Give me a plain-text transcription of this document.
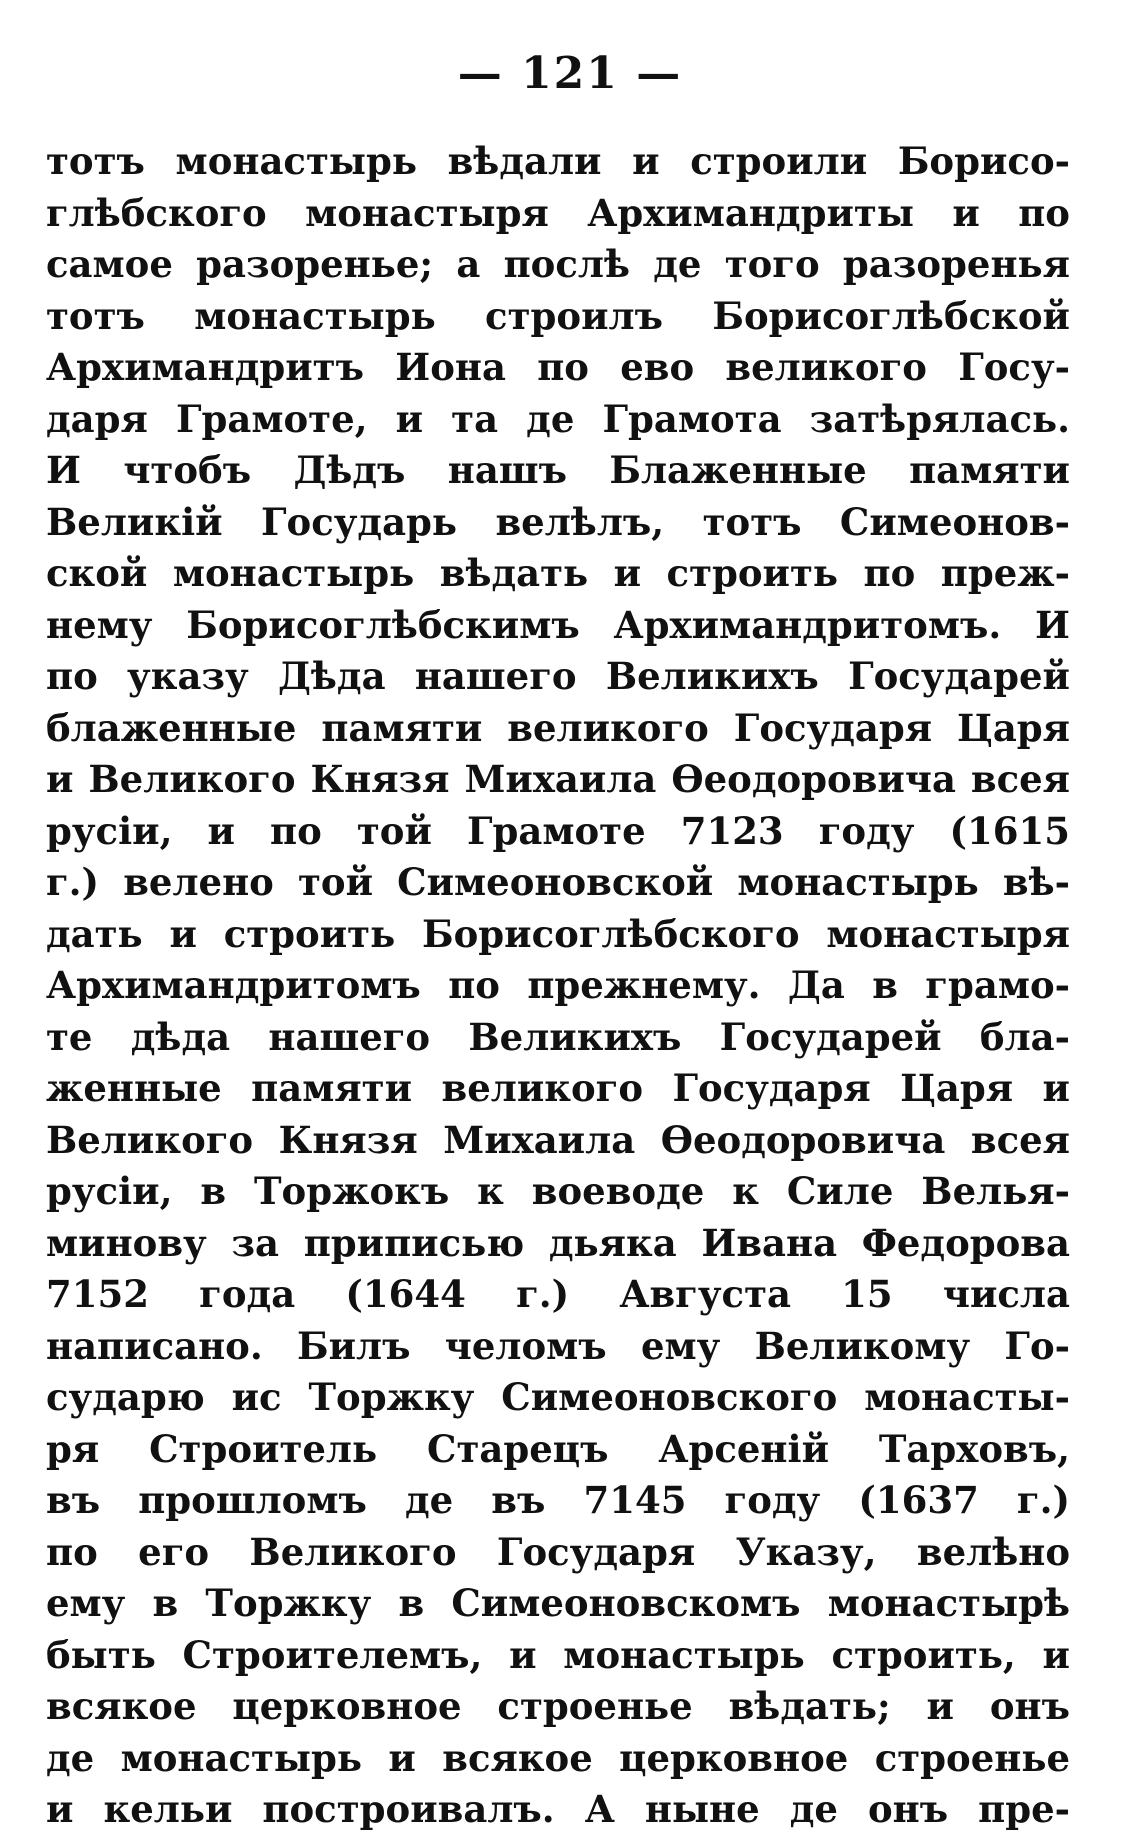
— 121 —
тотъ монастырь вѣдали и строили Борисо-
глѣбского монастыря Архимандриты и по
самое разоренье; а послѣ де того разоренья
тотъ монастырь строилъ Борисоглѣбской
Архимандритъ Иона по ево великого Госу-
даря Грамоте, и та де Грамота затѣрялась.
И чтобъ Дѣдъ нашъ Блаженные памяти
Великій Государь велѣлъ, тотъ Симеонов-
ской монастырь вѣдать и строить по преж-
нему Борисоглѣбскимъ Архимандритомъ. И
по указу Дѣда нашего Великихъ Государей
блаженные памяти великого Государя Царя
и Великого Князя Михаила Ѳеодоровича всея
русіи, и по той Грамоте 7123 году (1615
г.) велено той Симеоновской монастырь вѣ-
дать и строить Борисоглѣбского монастыря
Архимандритомъ по прежнему. Да в грамо-
те дѣда нашего Великихъ Государей бла-
женные памяти великого Государя Царя и
Великого Князя Михаила Ѳеодоровича всея
русіи, в Торжокъ к воеводе к Силе Велья-
минову за приписью дьяка Ивана Федорова
7152 года (1644 г.) Августа 15 числа
написано. Билъ челомъ ему Великому Го-
сударю ис Торжку Симеоновского монасты-
ря Строитель Старецъ Арсеній Тарховъ,
въ прошломъ де въ 7145 году (1637 г.)
по его Великого Государя Указу, велѣно
ему в Торжку в Симеоновскомъ монастырѣ
быть Строителемъ, и монастырь строить, и
всякое церковное строенье вѣдать; и онъ
де монастырь и всякое церковное строенье
и кельи построивалъ. А ныне де онъ пре-
